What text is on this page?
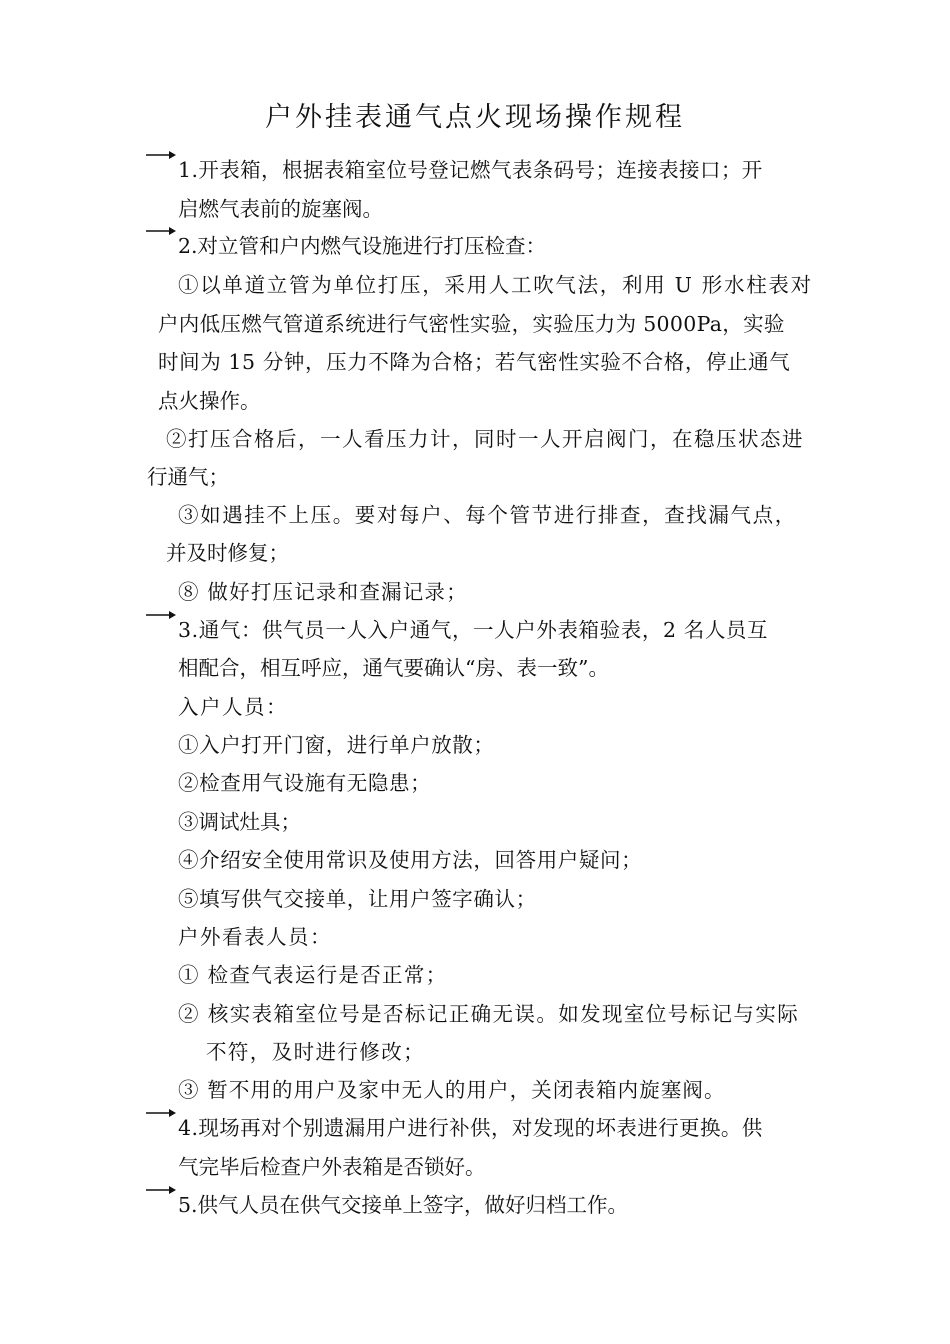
户外挂表通气点火现场操作规程

1.开表箱，根据表箱室位号登记燃气表条码号；连接表接口；开

启燃气表前的旋塞阀。

2.对立管和户内燃气设施进行打压检查：

①以单道立管为单位打压，采用人工吹气法，利用 U 形水柱表对

户内低压燃气管道系统进行气密性实验，实验压力为 5000Pa，实验

时间为 15 分钟，压力不降为合格；若气密性实验不合格，停止通气

点火操作。

②打压合格后，一人看压力计，同时一人开启阀门，在稳压状态进

行通气；

③如遇挂不上压。要对每户、每个管节进行排查，查找漏气点，

并及时修复；

⑧ 做好打压记录和查漏记录；

3.通气：供气员一人入户通气，一人户外表箱验表，2 名人员互

相配合，相互呼应，通气要确认“房、表一致”。

入户人员：

①入户打开门窗，进行单户放散；

②检查用气设施有无隐患；

③调试灶具；

④介绍安全使用常识及使用方法，回答用户疑问；

⑤填写供气交接单，让用户签字确认；

户外看表人员：

① 检查气表运行是否正常；

② 核实表箱室位号是否标记正确无误。如发现室位号标记与实际

不符，及时进行修改；

③ 暂不用的用户及家中无人的用户，关闭表箱内旋塞阀。

4.现场再对个别遗漏用户进行补供，对发现的坏表进行更换。供

气完毕后检查户外表箱是否锁好。

5.供气人员在供气交接单上签字，做好归档工作。
